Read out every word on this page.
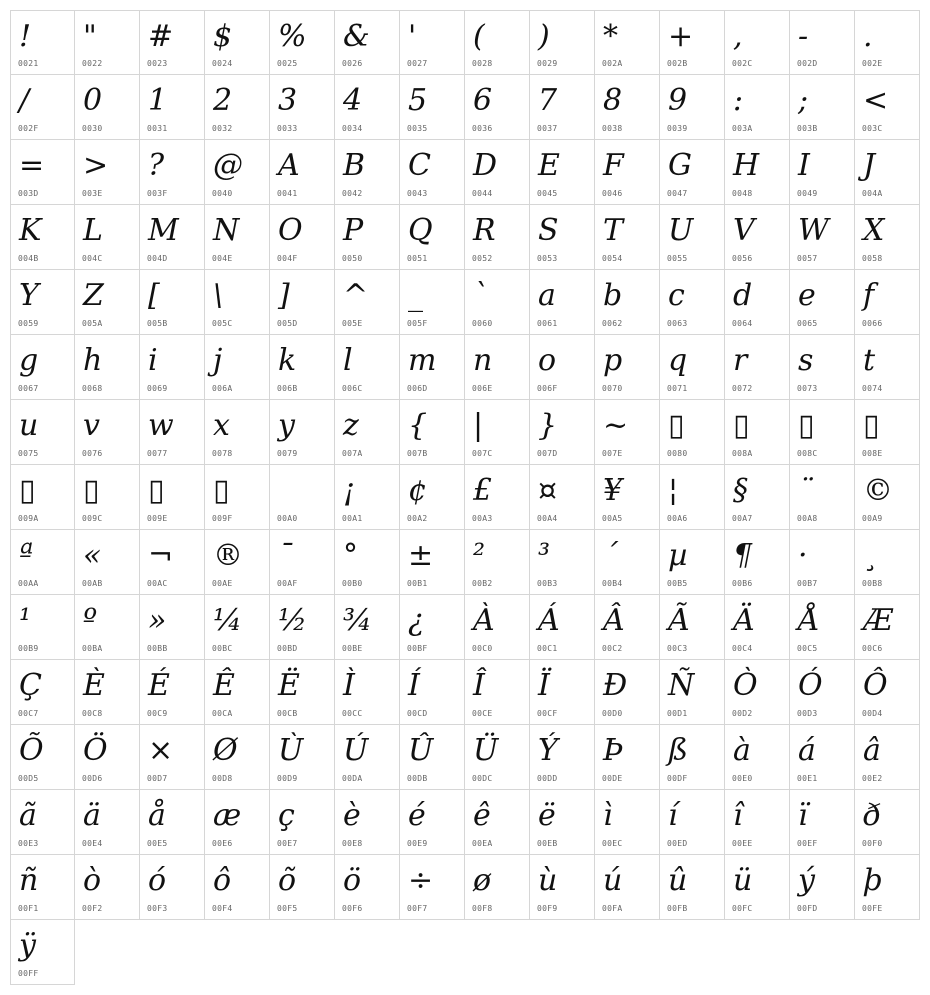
!
0021
"
0022
#
0023
$
0024
%
0025
&
0026
'
0027
(
0028
)
0029
*
002A
+
002B
,
002C
-
002D
.
002E
/
002F
0
0030
1
0031
2
0032
3
0033
4
0034
5
0035
6
0036
7
0037
8
0038
9
0039
:
003A
;
003B
<
003C
=
003D
>
003E
?
003F
@
0040
A
0041
B
0042
C
0043
D
0044
E
0045
F
0046
G
0047
H
0048
I
0049
J
004A
K
004B
L
004C
M
004D
N
004E
O
004F
P
0050
Q
0051
R
0052
S
0053
T
0054
U
0055
V
0056
W
0057
X
0058
Y
0059
Z
005A
[
005B
\
005C
]
005D
^
005E
_
005F
`
0060
a
0061
b
0062
c
0063
d
0064
e
0065
f
0066
g
0067
h
0068
i
0069
j
006A
k
006B
l
006C
m
006D
n
006E
o
006F
p
0070
q
0071
r
0072
s
0073
t
0074
u
0075
v
0076
w
0077
x
0078
y
0079
z
007A
{
007B
|
007C
}
007D
~
007E
▯
0080
▯
008A
▯
008C
▯
008E
▯
009A
▯
009C
▯
009E
▯
009F
	00A0
¡
00A1
¢
00A2
£
00A3
¤
00A4
¥
00A5
¦
00A6
§
00A7
¨
00A8
©
00A9
ª
00AA
«
00AB
¬
00AC
®
00AE
¯
00AF
°
00B0
±
00B1
²
00B2
³
00B3
´
00B4
µ
00B5
¶
00B6
·
00B7
¸
00B8
¹
00B9
º
00BA
»
00BB
¼
00BC
½
00BD
¾
00BE
¿
00BF
À
00C0
Á
00C1
Â
00C2
Ã
00C3
Ä
00C4
Å
00C5
Æ
00C6
Ç
00C7
È
00C8
É
00C9
Ê
00CA
Ë
00CB
Ì
00CC
Í
00CD
Î
00CE
Ï
00CF
Ð
00D0
Ñ
00D1
Ò
00D2
Ó
00D3
Ô
00D4
Õ
00D5
Ö
00D6
×
00D7
Ø
00D8
Ù
00D9
Ú
00DA
Û
00DB
Ü
00DC
Ý
00DD
Þ
00DE
ß
00DF
à
00E0
á
00E1
â
00E2
ã
00E3
ä
00E4
å
00E5
æ
00E6
ç
00E7
è
00E8
é
00E9
ê
00EA
ë
00EB
ì
00EC
í
00ED
î
00EE
ï
00EF
ð
00F0
ñ
00F1
ò
00F2
ó
00F3
ô
00F4
õ
00F5
ö
00F6
÷
00F7
ø
00F8
ù
00F9
ú
00FA
û
00FB
ü
00FC
ý
00FD
þ
00FE
ÿ
00FF
